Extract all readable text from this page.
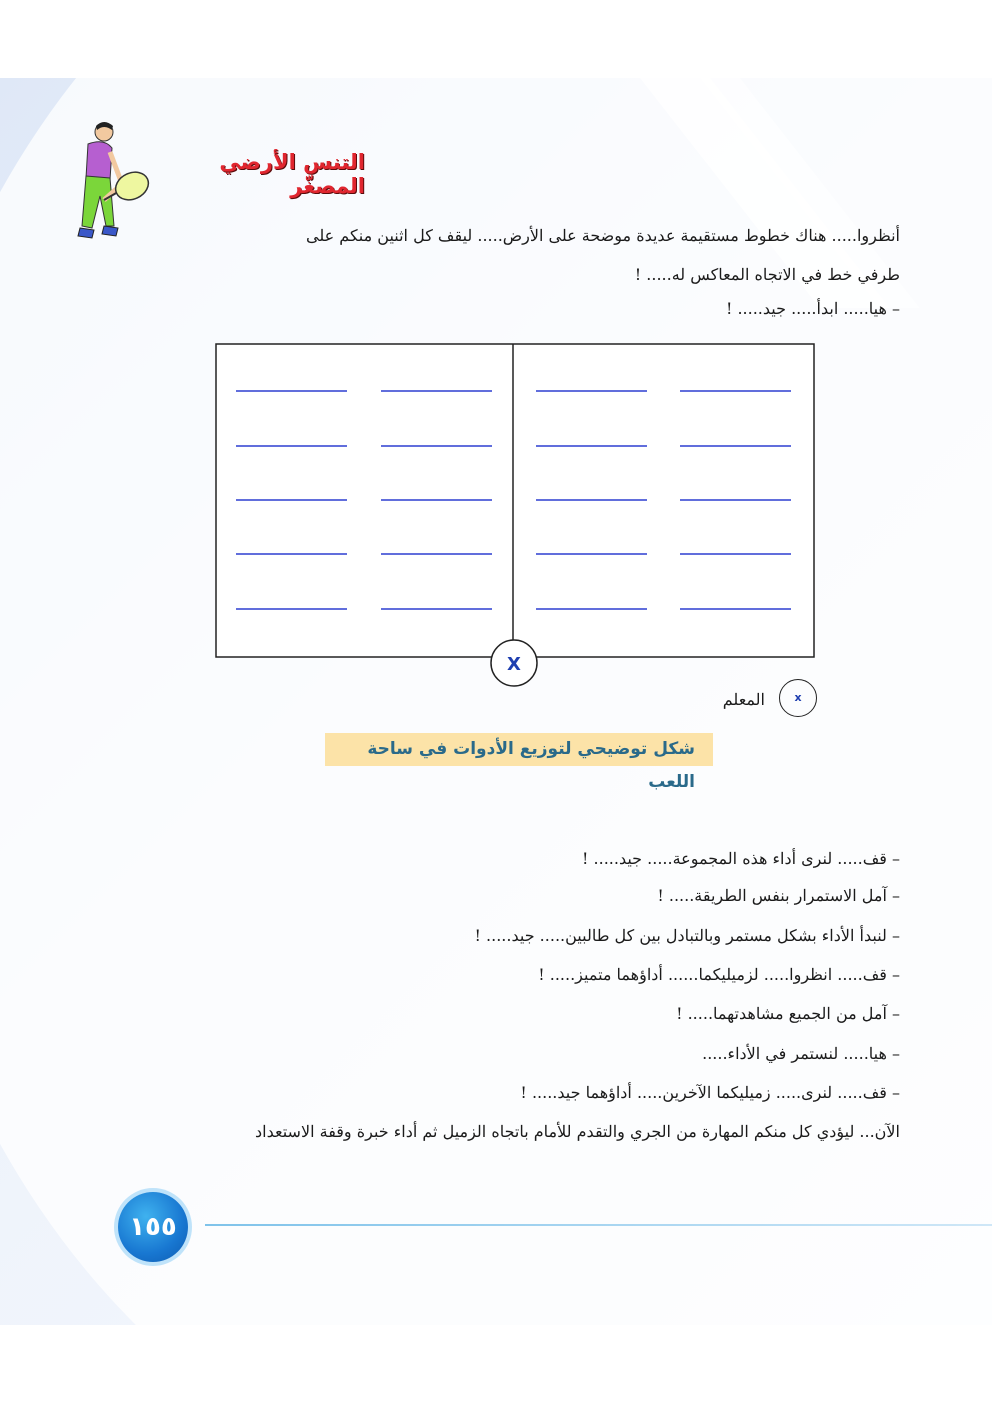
التنس الأرضي المصغّر
أنظروا..... هناك خطوط مستقيمة عديدة موضحة على الأرض..... ليقف كل اثنين منكم على
طرفي خط في الاتجاه المعاكس له..... !
– هيا..... ابدأ..... جيد..... !
X
x
المعلم
شكل توضيحي لتوزيع الأدوات في ساحة اللعب
– قف..... لنرى أداء هذه المجموعة..... جيد..... !
– آمل الاستمرار بنفس الطريقة..... !
– لنبدأ الأداء بشكل مستمر وبالتبادل بين كل طالبين..... جيد..... !
– قف..... انظروا..... لزميليكما...... أداؤهما متميز..... !
– آمل من الجميع مشاهدتهما..... !
– هيا..... لنستمر في الأداء.....
– قف..... لنرى..... زميليكما الآخرين..... أداؤهما جيد..... !
الآن... ليؤدي كل منكم المهارة من الجري والتقدم للأمام باتجاه الزميل ثم أداء خبرة وقفة الاستعداد
١٥٥
